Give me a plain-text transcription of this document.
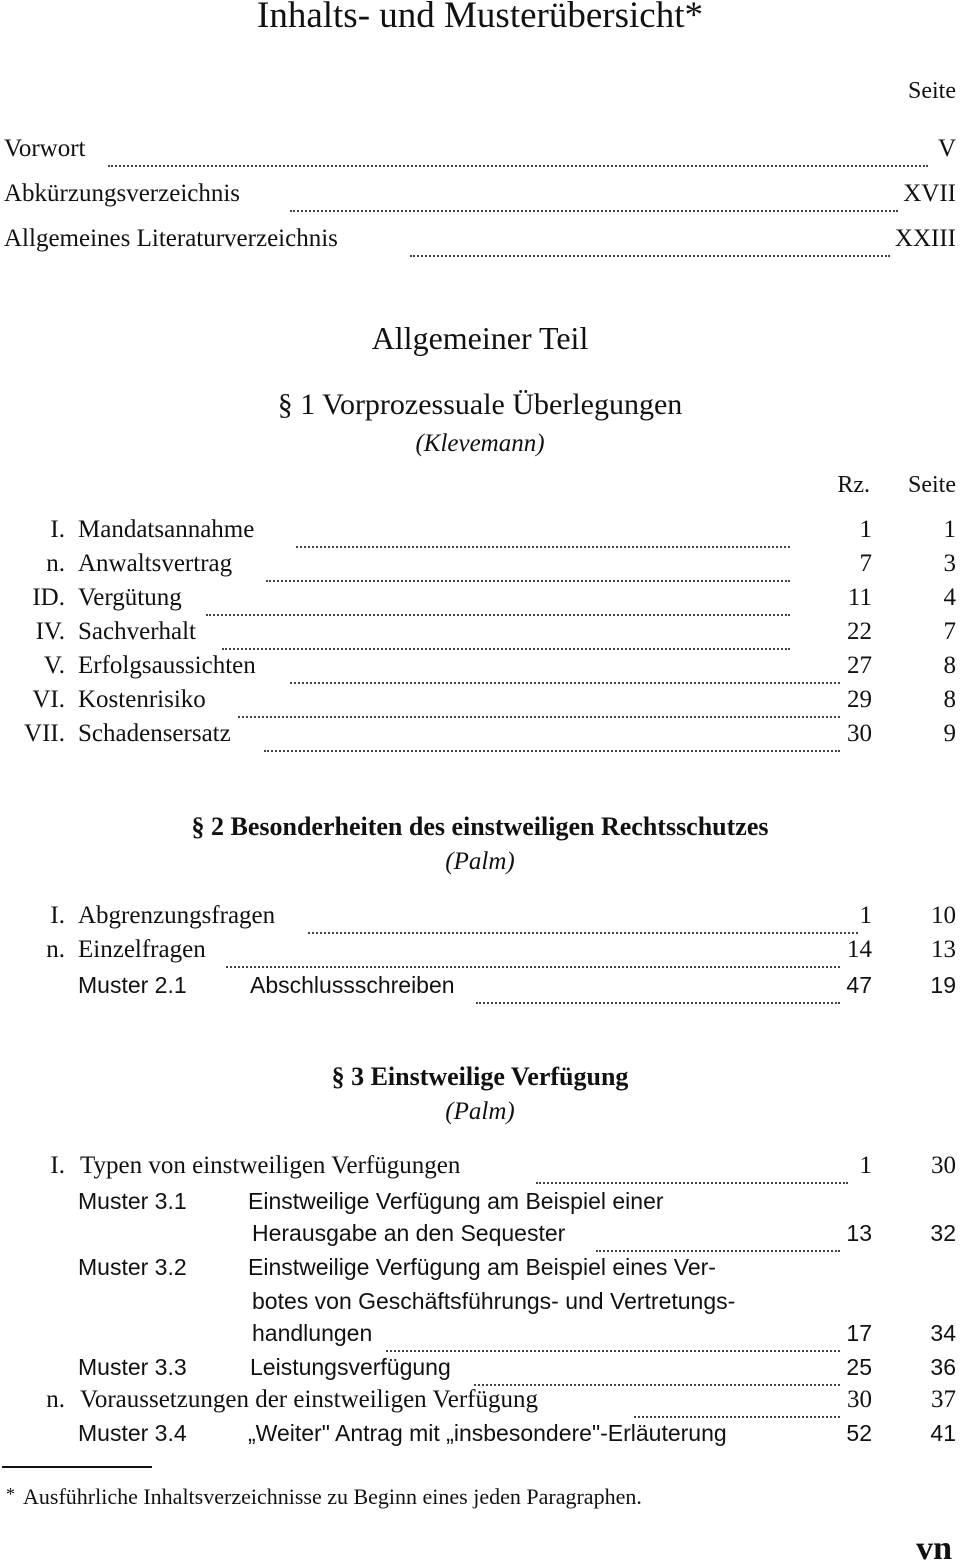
Inhalts- und Musterübersicht*
Seite
Vorwort	V
Abkürzungsverzeichnis	XVII
Allgemeines Literaturverzeichnis	XXIII
Allgemeiner Teil
§ 1 Vorprozessuale Überlegungen
(Klevemann)
Rz. Seite
I. Mandatsannahme	1	1
n. Anwaltsvertrag	7	3
ID. Vergütung	11	4
IV. Sachverhalt	22	7
V. Erfolgsaussichten	27	8
VI. Kostenrisiko	29	8
VII. Schadensersatz	30	9
§ 2 Besonderheiten des einstweiligen Rechtsschutzes
(Palm)
I. Abgrenzungsfragen	1 10
n. Einzelfragen	14 13
Muster 2.1	Abschlussschreiben	47	19
§ 3 Einstweilige Verfügung
(Palm)
I. Typen von einstweiligen Verfügungen	1 30
Muster 3.1	Einstweilige Verfügung am Beispiel einer
Herausgabe an den Sequester	13	32
Muster 3.2	Einstweilige Verfügung am Beispiel eines Ver-
botes von Geschäftsführungs- und Vertretungs-
handlungen	17	34
Muster 3.3	Leistungsverfügung	25	36
n. Voraussetzungen der einstweiligen Verfügung	30 37
Muster 3.4	„Weiter" Antrag mit „insbesondere"-Erläuterung	52	41
* Ausführliche Inhaltsverzeichnisse zu Beginn eines jeden Paragraphen.
vn
